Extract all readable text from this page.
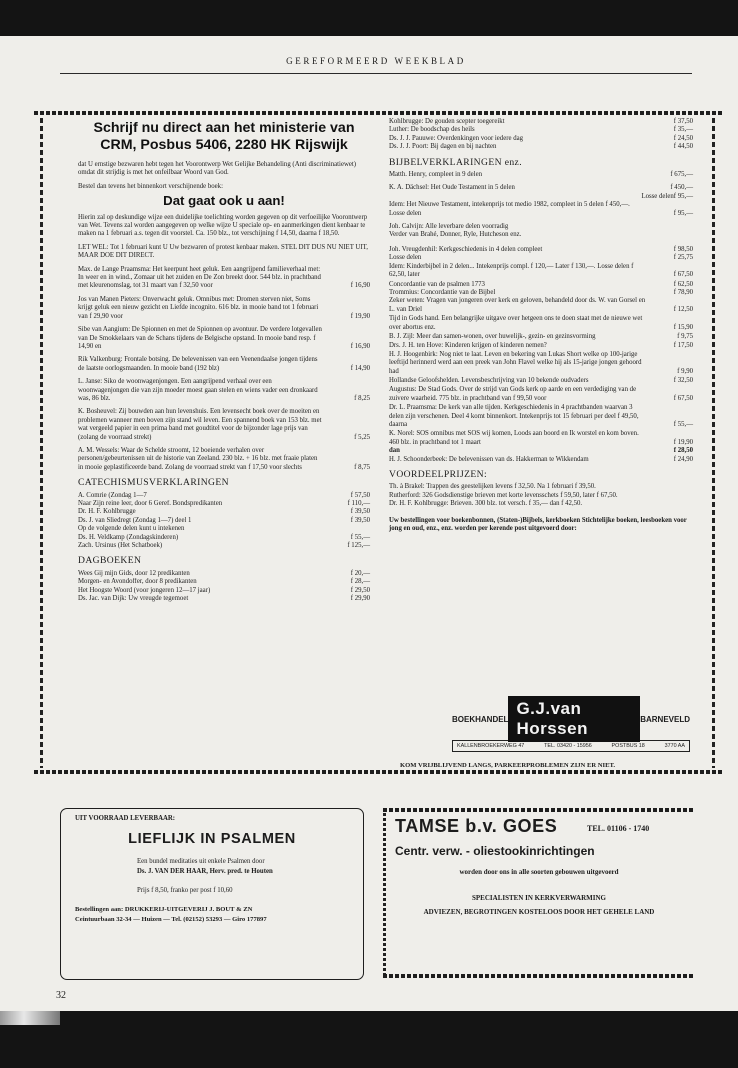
GEREFORMEERD WEEKBLAD
Schrijf nu direct aan het ministerie van CRM, Posbus 5406, 2280 HK Rijswijk

dat U ernstige bezwaren hebt tegen het Voorontwerp Wet Gelijke Behandeling (Anti discriminatiewet) omdat dit strijdig is met het onfeilbaar Woord van God.

Bestel dan tevens het binnenkort verschijnende boek:

Dat gaat ook u aan!

Hierin zal op deskundige wijze een duidelijke toelichting worden gegeven op dit verfoeilijke Voorontwerp van Wet. Tevens zal worden aangegeven op welke wijze U speciale op- en aanmerkingen dient kenbaar te maken na 1 februari a.s. tegen dit voorstel. Ca. 150 blz., tot verschijning f 14,50, daarna f 18,50.

LET WEL: Tot 1 februari kunt U Uw bezwaren of protest kenbaar maken. STEL DIT DUS NU NIET UIT, MAAR DOE DIT DIRECT.

Max. de Lange Praamsma: Het keerpunt heet geluk. Een aangrijpend familieverhaal met: In weer en in wind., Zomaar uit het zuiden en De Zon breekt door. 544 blz. in prachtband met kleurenomslag, tot 31 maart van f 32,50 voor	f 16,90
Jos van Manen Pieters: Onverwacht geluk. Omnibus met: Dromen sterven niet, Soms krijgt geluk een nieuw gezicht en Liefde incognito. 616 blz. in mooie band tot 1 februari van f 29,90 voor	f 19,90
Sibe van Aangium: De Spionnen en met de Spionnen op avontuur. De verdere lotgevallen van De Smokkelaars van de Schans tijdens de Belgische opstand. In mooie band resp. f 14,90 en	f 16,90
Rik Valkenburg: Frontale botsing. De belevenissen van een Veenendaalse jongen tijdens de laatste oorlogsmaanden. In mooie band (192 blz)	f 14,90
L. Janse: Siko de woonwagenjongen. Een aangrijpend verhaal over een woonwagenjongen die van zijn moeder moest gaan stelen en wiens vader een dronkaard was, 86 blz.	f 8,25
K. Bosheuvel: Zij bouwden aan hun levenshuis. Een levensecht boek over de moeiten en problemen wanneer men boven zijn stand wil leven. Een spannend boek van 153 blz. met wat vergeeld papier in een prima band met goudtitel voor de bijzonder lage prijs van (zolang de voorraad strekt)	f 5,25
A. M. Wessels: Waar de Schelde stroomt, 12 boeiende verhalen over personen/gebeurtenissen uit de historie van Zeeland. 230 blz. + 16 blz. met fraaie platen in mooie geplastificeerde band. Zolang de voorraad strekt van f 17,50 voor slechts	f 8,75
CATECHISMUSVERKLARINGEN
A. Comrie (Zondag 1—7	f 57,50
Naar Zijn reine leer, door 6 Geref. Bondspredikanten	f 110,—
Dr. H. F. Kohlbrugge	f 39,50
Ds. J. van Sliedregt (Zondag 1—7) deel 1	f 39,50
Op de volgende delen kunt u intekenen
Ds. H. Veldkamp (Zondagskinderen)	f 55,—
Zach. Ursinus (Het Schatboek)	f 125,—
DAGBOEKEN
Wees Gij mijn Gids, door 12 predikanten	f 20,—
Morgen- en Avondoffer, door 8 predikanten	f 28,—
Het Hoogste Woord (voor jongeren 12—17 jaar)	f 29,50
Ds. Jac. van Dijk: Uw vreugde tegemoet	f 29,90
Kohlbrugge: De gouden scepter toegereikt	f 37,50
Luther: De boodschap des heils	f 35,—
Ds. J. J. Pauuwe: Overdenkingen voor iedere dag	f 24,50
Ds. J. J. Poort: Bij dagen en bij nachten	f 44,50
BIJBELVERKLARINGEN enz.
Matth. Henry, compleet in 9 delen	f 675,—
K. A. Dächsel: Het Oude Testament in 5 delen	f 450,—
Losse delen f 95,—
Idem: Het Nieuwe Testament, intekenprijs tot medio 1982, compleet in 5 delen f 450,—. Losse delen	f 95,—
Joh. Calvijn: Alle leverbare delen voorradig
Verder van Brahé, Donner, Ryle, Hutcheson enz.
Joh. Vreugdenhil: Kerkgeschiedenis in 4 delen compleet	f 98,50
Losse delen	f 25,75
Idem: Kinderbijbel in 2 delen... Intekenprijs compl. f 120,— Later f 130,—. Losse delen f 62,50, later	f 67,50
Concordantie van de psalmen 1773	f 62,50
Trommius: Concordantie van de Bijbel	f 78,90
Zeker weten: Vragen van jongeren over kerk en geloven, behandeld door ds. W. van Gorsel en L. van Driel	f 12,50
Tijd in Gods hand. Een belangrijke uitgave over hetgeen ons te doen staat met de nieuwe wet over abortus enz.	f 15,90
B. J. Zijl: Meer dan samen-wonen, over huwelijk-, gezin- en gezinsvorming	f 9,75
Drs. J. H. ten Hove: Kinderen krijgen of kinderen nemen?	f 17,50
H. J. Hoogenbirk: Nog niet te laat. Leven en bekering van Lukas Short welke op 100-jarige leeftijd herinnerd werd aan een preek van John Flavel welke hij als 15-jarige jongen gehoord had	f 9,90
Hollandse Geloofshelden. Levensbeschrijving van 10 bekende oudvaders	f 32,50
Augustus: De Stad Gods. Over de strijd van Gods kerk op aarde en een verdediging van de zuivere waarheid. 775 blz. in prachtband van f 99,50 voor	f 67,50
Dr. L. Praamsma: De kerk van alle tijden. Kerkgeschiedenis in 4 prachtbanden waarvan 3 delen zijn verschenen. Deel 4 komt binnenkort. Intekenprijs tot 15 februari per deel f 49,50, daarna	f 55,—
K. Norel: SOS omnibus met SOS wij komen, Loods aan boord en Ik worstel en kom boven. 460 blz. in prachtband tot 1 maart	f 19,90
dan	f 28,50
H. J. Schoonderbeek: De belevenissen van ds. Hakkerman te Wikkendam	f 24,90
VOORDEELPRIJZEN:

Th. à Brakel: Trappen des geestelijken levens f 32,50. Na 1 februari f 39,50.

Rutherford: 326 Godsdienstige brieven met korte levensschets f 59,50, later f 67,50.

Dr. H. F. Kohlbrugge: Brieven. 300 blz. tot versch. f 35,— dan f 42,50.

Uw bestellingen voor boekenbonnen, (Staten-)Bijbels, kerkboeken Stichtelijke boeken, leesboeken voor jong en oud, enz., enz. worden per kerende post uitgevoerd door:
BOEKHANDEL
G.J.van Horssen	BARNEVELD
KALLENBROEKERWEG 47	TEL. 03420 - 15956	POSTBUS 18	3770 AA
KOM VRIJBLIJVEND LANGS, PARKEERPROBLEMEN ZIJN ER NIET.
UIT VOORRAAD LEVERBAAR:
LIEFLIJK IN PSALMEN
Een bundel meditaties uit enkele Psalmen door
Ds. J. VAN DER HAAR, Herv. pred. te Houten
Prijs f 8,50, franko per post f 10,60
Bestellingen aan: DRUKKERIJ-UITGEVERIJ J. BOUT & ZN
Ceintuurbaan 32-34 — Huizen — Tel. (02152) 53293 — Giro 177897
TAMSE b.v. GOES	TEL. 01106 - 1740
Centr. verw. - oliestookinrichtingen
worden door ons in alle soorten gebouwen uitgevoerd
SPECIALISTEN IN KERKVERWARMING
ADVIEZEN, BEGROTINGEN KOSTELOOS DOOR HET GEHELE LAND
32
